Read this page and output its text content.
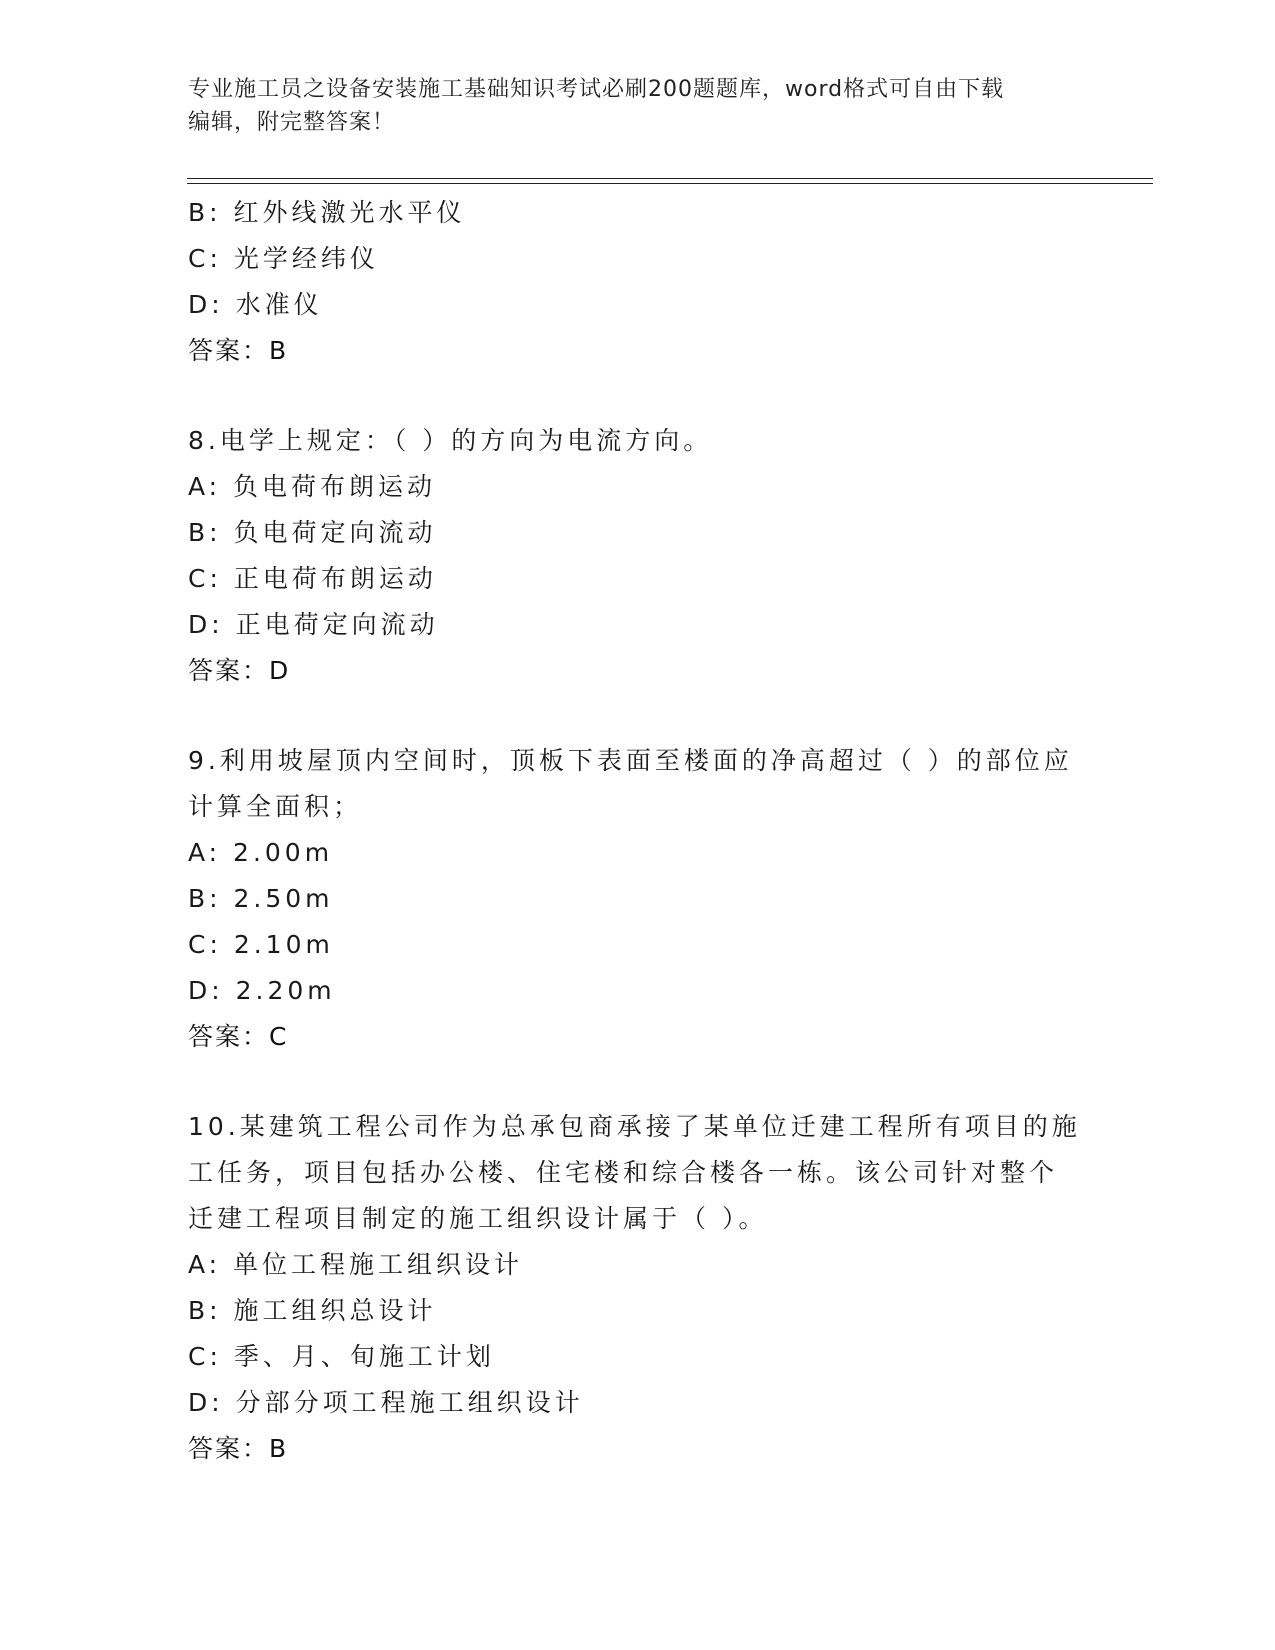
专业施工员之设备安装施工基础知识考试必刷200题题库，word格式可自由下载
编辑，附完整答案！
B: 红外线激光水平仪
C: 光学经纬仪
D: 水准仪
答案：B
8.电学上规定：（ ）的方向为电流方向。
A: 负电荷布朗运动
B: 负电荷定向流动
C: 正电荷布朗运动
D: 正电荷定向流动
答案：D
9.利用坡屋顶内空间时，顶板下表面至楼面的净高超过（ ）的部位应
计算全面积；
A: 2.00m
B: 2.50m
C: 2.10m
D: 2.20m
答案：C
10.某建筑工程公司作为总承包商承接了某单位迁建工程所有项目的施
工任务，项目包括办公楼、住宅楼和综合楼各一栋。该公司针对整个
迁建工程项目制定的施工组织设计属于（ ）。
A: 单位工程施工组织设计
B: 施工组织总设计
C: 季、月、旬施工计划
D: 分部分项工程施工组织设计
答案：B
